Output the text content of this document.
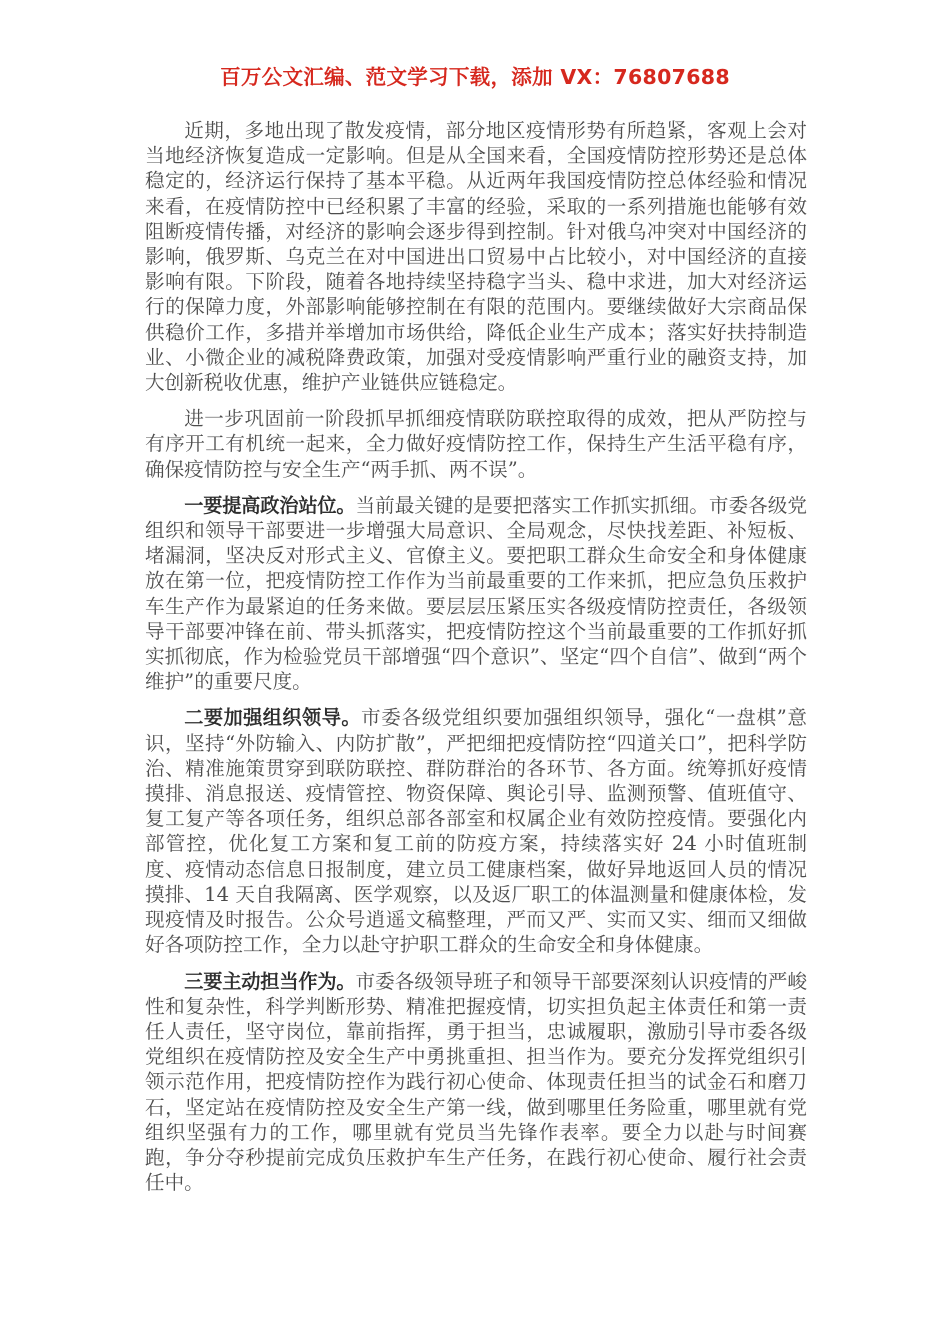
百万公文汇编、范文学习下载，添加 VX：76807688

近期，多地出现了散发疫情，部分地区疫情形势有所趋紧，客观上会对当地经济恢复造成一定影响。但是从全国来看，全国疫情防控形势还是总体稳定的，经济运行保持了基本平稳。从近两年我国疫情防控总体经验和情况来看，在疫情防控中已经积累了丰富的经验，采取的一系列措施也能够有效阻断疫情传播，对经济的影响会逐步得到控制。针对俄乌冲突对中国经济的影响，俄罗斯、乌克兰在对中国进出口贸易中占比较小，对中国经济的直接影响有限。下阶段，随着各地持续坚持稳字当头、稳中求进，加大对经济运行的保障力度，外部影响能够控制在有限的范围内。要继续做好大宗商品保供稳价工作，多措并举增加市场供给，降低企业生产成本；落实好扶持制造业、小微企业的减税降费政策，加强对受疫情影响严重行业的融资支持，加大创新税收优惠，维护产业链供应链稳定。

进一步巩固前一阶段抓早抓细疫情联防联控取得的成效，把从严防控与有序开工有机统一起来，全力做好疫情防控工作，保持生产生活平稳有序，确保疫情防控与安全生产“两手抓、两不误”。

一要提高政治站位。当前最关键的是要把落实工作抓实抓细。市委各级党组织和领导干部要进一步增强大局意识、全局观念，尽快找差距、补短板、堵漏洞，坚决反对形式主义、官僚主义。要把职工群众生命安全和身体健康放在第一位，把疫情防控工作作为当前最重要的工作来抓，把应急负压救护车生产作为最紧迫的任务来做。要层层压紧压实各级疫情防控责任，各级领导干部要冲锋在前、带头抓落实，把疫情防控这个当前最重要的工作抓好抓实抓彻底，作为检验党员干部增强“四个意识”、坚定“四个自信”、做到“两个维护”的重要尺度。

二要加强组织领导。市委各级党组织要加强组织领导，强化“一盘棋”意识，坚持“外防输入、内防扩散”，严把细把疫情防控“四道关口”，把科学防治、精准施策贯穿到联防联控、群防群治的各环节、各方面。统筹抓好疫情摸排、消息报送、疫情管控、物资保障、舆论引导、监测预警、值班值守、复工复产等各项任务，组织总部各部室和权属企业有效防控疫情。要强化内部管控，优化复工方案和复工前的防疫方案，持续落实好 24 小时值班制度、疫情动态信息日报制度，建立员工健康档案，做好异地返回人员的情况摸排、14 天自我隔离、医学观察，以及返厂职工的体温测量和健康体检，发现疫情及时报告。公众号逍遥文稿整理，严而又严、实而又实、细而又细做好各项防控工作，全力以赴守护职工群众的生命安全和身体健康。

三要主动担当作为。市委各级领导班子和领导干部要深刻认识疫情的严峻性和复杂性，科学判断形势、精准把握疫情，切实担负起主体责任和第一责任人责任，坚守岗位，靠前指挥，勇于担当，忠诚履职，激励引导市委各级党组织在疫情防控及安全生产中勇挑重担、担当作为。要充分发挥党组织引领示范作用，把疫情防控作为践行初心使命、体现责任担当的试金石和磨刀石，坚定站在疫情防控及安全生产第一线，做到哪里任务险重，哪里就有党组织坚强有力的工作，哪里就有党员当先锋作表率。要全力以赴与时间赛跑，争分夺秒提前完成负压救护车生产任务，在践行初心使命、履行社会责任中。
